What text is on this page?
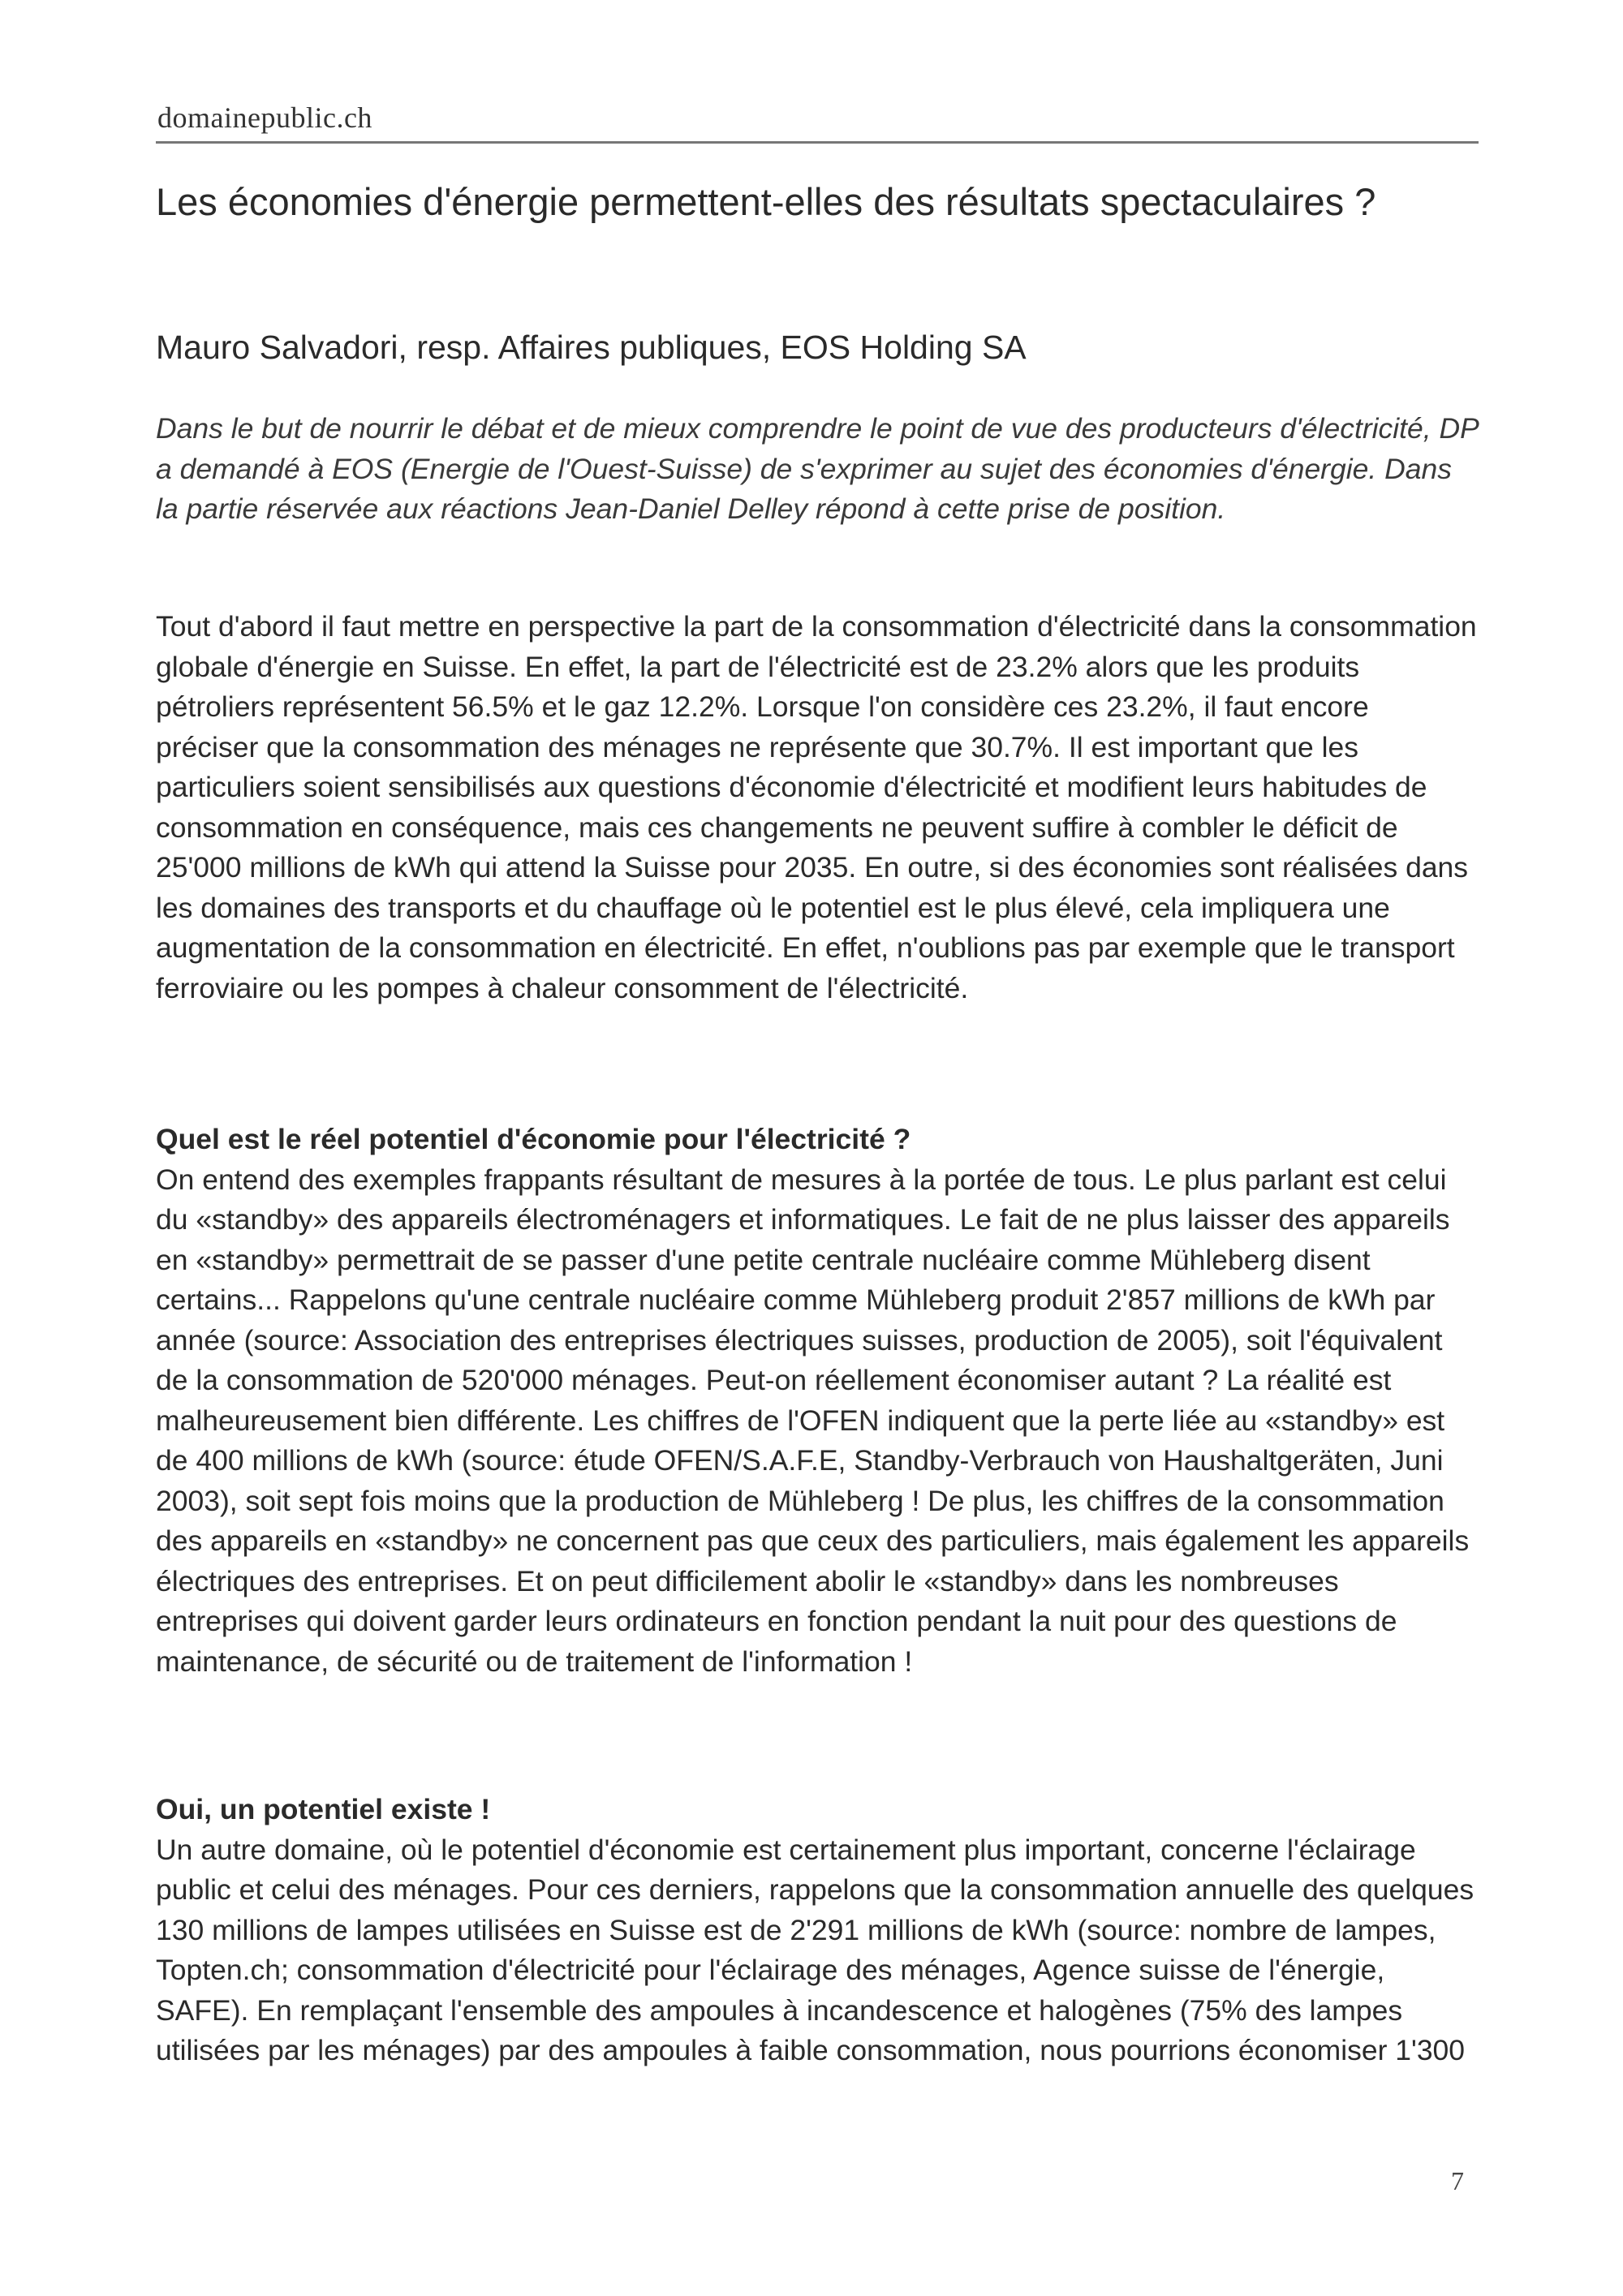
domainepublic.ch
Les économies d'énergie permettent-elles des résultats spectaculaires ?
Mauro Salvadori, resp. Affaires publiques, EOS Holding SA

Dans le but de nourrir le débat et de mieux comprendre le point de vue des producteurs d'électricité, DP a demandé à EOS (Energie de l'Ouest-Suisse) de s'exprimer au sujet des économies d'énergie. Dans la partie réservée aux réactions Jean-Daniel Delley répond à cette prise de position.

Tout d'abord il faut mettre en perspective la part de la consommation d'électricité dans la consommation globale d'énergie en Suisse. En effet, la part de l'électricité est de 23.2% alors que les produits pétroliers représentent 56.5% et le gaz 12.2%. Lorsque l'on considère ces 23.2%, il faut encore préciser que la consommation des ménages ne représente que 30.7%. Il est important que les particuliers soient sensibilisés aux questions d'économie d'électricité et modifient leurs habitudes de consommation en conséquence, mais ces changements ne peuvent suffire à combler le déficit de 25'000 millions de kWh qui attend la Suisse pour 2035. En outre, si des économies sont réalisées dans les domaines des transports et du chauffage où le potentiel est le plus élevé, cela impliquera une augmentation de la consommation en électricité. En effet, n'oublions pas par exemple que le transport ferroviaire ou les pompes à chaleur consomment de l'électricité.

Quel est le réel potentiel d'économie pour l'électricité ?
On entend des exemples frappants résultant de mesures à la portée de tous. Le plus parlant est celui du «standby» des appareils électroménagers et informatiques. Le fait de ne plus laisser des appareils en «standby» permettrait de se passer d'une petite centrale nucléaire comme Mühleberg disent certains... Rappelons qu'une centrale nucléaire comme Mühleberg produit 2'857 millions de kWh par année (source: Association des entreprises électriques suisses, production de 2005), soit l'équivalent de la consommation de 520'000 ménages. Peut-on réellement économiser autant ? La réalité est malheureusement bien différente. Les chiffres de l'OFEN indiquent que la perte liée au «standby» est de 400 millions de kWh (source: étude OFEN/S.A.F.E, Standby-Verbrauch von Haushaltgeräten, Juni 2003), soit sept fois moins que la production de Mühleberg ! De plus, les chiffres de la consommation des appareils en «standby» ne concernent pas que ceux des particuliers, mais également les appareils électriques des entreprises. Et on peut difficilement abolir le «standby» dans les nombreuses entreprises qui doivent garder leurs ordinateurs en fonction pendant la nuit pour des questions de maintenance, de sécurité ou de traitement de l'information !
Oui, un potentiel existe !
Un autre domaine, où le potentiel d'économie est certainement plus important, concerne l'éclairage public et celui des ménages. Pour ces derniers, rappelons que la consommation annuelle des quelques 130 millions de lampes utilisées en Suisse est de 2'291 millions de kWh (source: nombre de lampes, Topten.ch; consommation d'électricité pour l'éclairage des ménages, Agence suisse de l'énergie, SAFE). En remplaçant l'ensemble des ampoules à incandescence et halogènes (75% des lampes utilisées par les ménages) par des ampoules à faible consommation, nous pourrions économiser 1'300
7
